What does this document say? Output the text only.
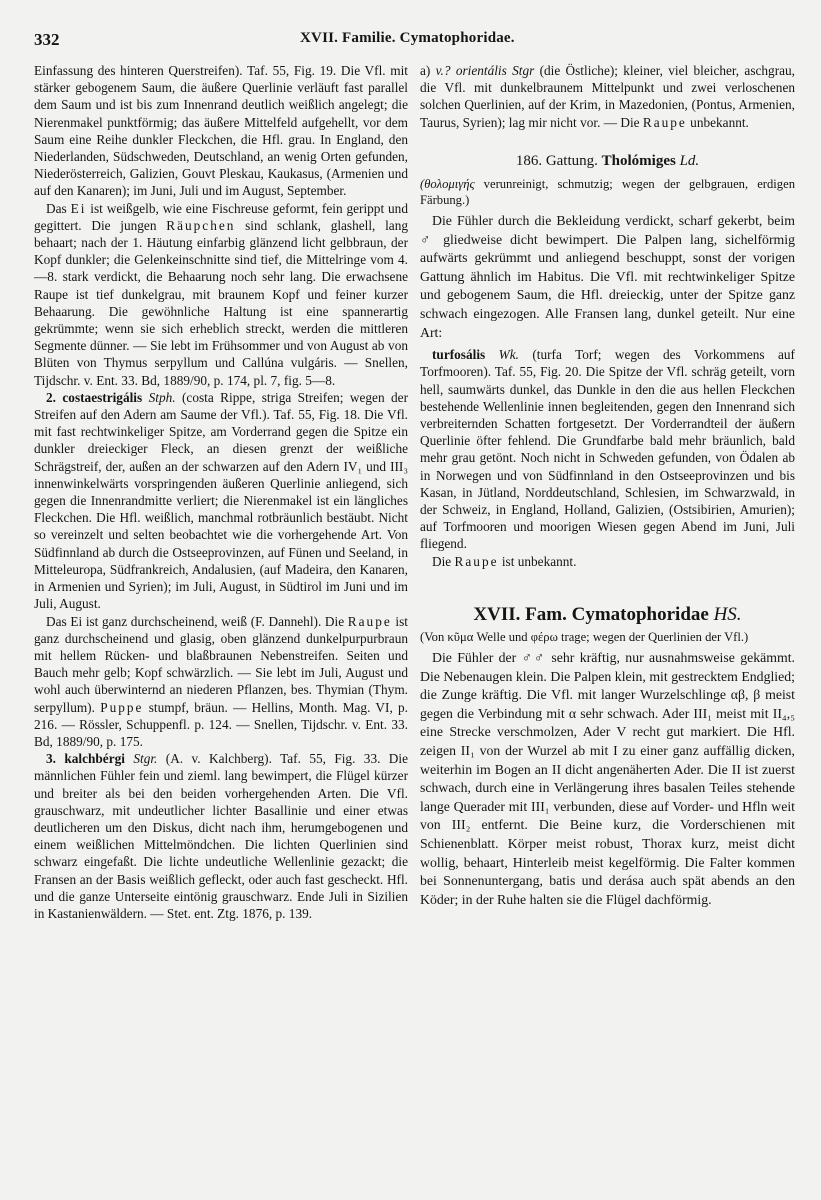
332	XVII. Familie. Cymatophoridae.

Einfassung des hinteren Querstreifen). Taf. 55, Fig. 19. Die Vfl. mit stärker gebogenem Saum, die äußere Querlinie verläuft fast parallel dem Saum und ist bis zum Innenrand deutlich weißlich angelegt; die Nierenmakel punktförmig; das äußere Mittelfeld aufgehellt, vor dem Saum eine Reihe dunkler Fleckchen, die Hfl. grau. In England, den Niederlanden, Südschweden, Deutschland, an wenig Orten gefunden, Niederösterreich, Galizien, Gouvt Pleskau, Kaukasus, (Armenien und auf den Kanaren); im Juni, Juli und im August, September.

Das Ei ist weißgelb, wie eine Fischreuse geformt, fein gerippt und gegittert. Die jungen Räupchen sind schlank, glashell, lang behaart; nach der 1. Häutung einfarbig glänzend licht gelbbraun, der Kopf dunkler; die Gelenkeinschnitte sind tief, die Mittelringe vom 4.—8. stark verdickt, die Behaarung noch sehr lang. Die erwachsene Raupe ist tief dunkelgrau, mit braunem Kopf und feiner kurzer Behaarung. Die gewöhnliche Haltung ist eine spannerartig gekrümmte; wenn sie sich erheblich streckt, werden die mittleren Segmente dünner. — Sie lebt im Frühsommer und von August ab von Blüten von Thymus serpyllum und Callúna vulgáris. — Snellen, Tijdschr. v. Ent. 33. Bd, 1889/90, p. 174, pl. 7, fig. 5—8.

2. costaestrigális Stph. (costa Rippe, striga Streifen; wegen der Streifen auf den Adern am Saume der Vfl.). Taf. 55, Fig. 18. Die Vfl. mit fast rechtwinkeliger Spitze, am Vorderrand gegen die Spitze ein dunkler dreieckiger Fleck, an diesen grenzt der weißliche Schrägstreif, der, außen an der schwarzen auf den Adern IV₁ und III₃ innenwinkelwärts vorspringenden äußeren Querlinie anliegend, sich gegen die Innenrandmitte verliert; die Nierenmakel ist ein längliches Fleckchen. Die Hfl. weißlich, manchmal rotbräunlich bestäubt. Nicht so vereinzelt und selten beobachtet wie die vorhergehende Art. Von Südfinnland ab durch die Ostseeprovinzen, auf Fünen und Seeland, in Mitteleuropa, Südfrankreich, Andalusien, (auf Madeira, den Kanaren, in Armenien und Syrien); im Juli, August, in Südtirol im Juni und im Juli, August.

Das Ei ist ganz durchscheinend, weiß (F. Dannehl). Die Raupe ist ganz durchscheinend und glasig, oben glänzend dunkelpurpurbraun mit hellem Rücken- und blaßbraunen Nebenstreifen. Seiten und Bauch mehr gelb; Kopf schwärzlich. — Sie lebt im Juli, August und wohl auch überwinternd an niederen Pflanzen, bes. Thymian (Thym. serpyllum). Puppe stumpf, bräun. — Hellins, Month. Mag. VI, p. 216. — Rössler, Schuppenfl. p. 124. — Snellen, Tijdschr. v. Ent. 33. Bd, 1889/90, p. 175.

3. kalchbérgi Stgr. (A. v. Kalchberg). Taf. 55, Fig. 33. Die männlichen Fühler fein und zieml. lang bewimpert, die Flügel kürzer und breiter als bei den beiden vorhergehenden Arten. Die Vfl. grauschwarz, mit undeutlicher lichter Basallinie und einer etwas deutlicheren um den Diskus, dicht nach ihm, herumgebogenen und einem weißlichen Mittelmöndchen. Die lichten Querlinien sind schwarz eingefaßt. Die lichte undeutliche Wellenlinie gezackt; die Fransen an der Basis weißlich gefleckt, oder auch fast gescheckt. Hfl. und die ganze Unterseite eintönig grauschwarz. Ende Juli in Sizilien in Kastanienwäldern. — Stet. ent. Ztg. 1876, p. 139.

a) v.? orientális Stgr (die Östliche); kleiner, viel bleicher, aschgrau, die Vfl. mit dunkelbraunem Mittelpunkt und zwei verloschenen solchen Querlinien, auf der Krim, in Mazedonien, (Pontus, Armenien, Taurus, Syrien); lag mir nicht vor. — Die Raupe unbekannt.

186. Gattung. Tholómiges Ld.

(θολομιγής verunreinigt, schmutzig; wegen der gelbgrauen, erdigen Färbung.)

Die Fühler durch die Bekleidung verdickt, scharf gekerbt, beim ♂ gliedweise dicht bewimpert. Die Palpen lang, sichelförmig aufwärts gekrümmt und anliegend beschuppt, sonst der vorigen Gattung ähnlich im Habitus. Die Vfl. mit rechtwinkeliger Spitze und gebogenem Saum, die Hfl. dreieckig, unter der Spitze ganz schwach eingezogen. Alle Fransen lang, dunkel geteilt. Nur eine Art:

turfosális Wk. (turfa Torf; wegen des Vorkommens auf Torfmooren). Taf. 55, Fig. 20. Die Spitze der Vfl. schräg geteilt, vorn hell, saumwärts dunkel, das Dunkle in den die aus hellen Fleckchen bestehende Wellenlinie innen begleitenden, gegen den Innenrand sich verbreiternden Schatten fortgesetzt. Der Vorderrandteil der äußern Querlinie öfter fehlend. Die Grundfarbe bald mehr bräunlich, bald mehr grau getönt. Noch nicht in Schweden gefunden, von Ödalen ab in Norwegen und von Südfinnland in den Ostseeprovinzen und bis Kasan, in Jütland, Norddeutschland, Schlesien, im Schwarzwald, in der Schweiz, in England, Holland, Galizien, (Ostsibirien, Amurien); auf Torfmooren und moorigen Wiesen gegen Abend im Juni, Juli fliegend.

Die Raupe ist unbekannt.

XVII. Fam. Cymatophoridae HS.

(Von κῦμα Welle und φέρω trage; wegen der Querlinien der Vfl.)

Die Fühler der ♂♂ sehr kräftig, nur ausnahmsweise gekämmt. Die Nebenaugen klein. Die Palpen klein, mit gestrecktem Endglied; die Zunge kräftig. Die Vfl. mit langer Wurzelschlinge αβ, β meist gegen die Verbindung mit α sehr schwach. Ader III₁ meist mit II₄,₅ eine Strecke verschmolzen, Ader V recht gut markiert. Die Hfl. zeigen II₁ von der Wurzel ab mit I zu einer ganz auffällig dicken, weiterhin im Bogen an II dicht angenäherten Ader. Die II ist zuerst schwach, durch eine in Verlängerung ihres basalen Teiles stehende lange Querader mit III₁ verbunden, diese auf Vorder- und Hfln weit von III₂ entfernt. Die Beine kurz, die Vorderschienen mit Schienenblatt. Körper meist robust, Thorax kurz, meist dicht wollig, behaart, Hinterleib meist kegelförmig. Die Falter kommen bei Sonnenuntergang, batis und derása auch spät abends an den Köder; in der Ruhe halten sie die Flügel dachförmig.
